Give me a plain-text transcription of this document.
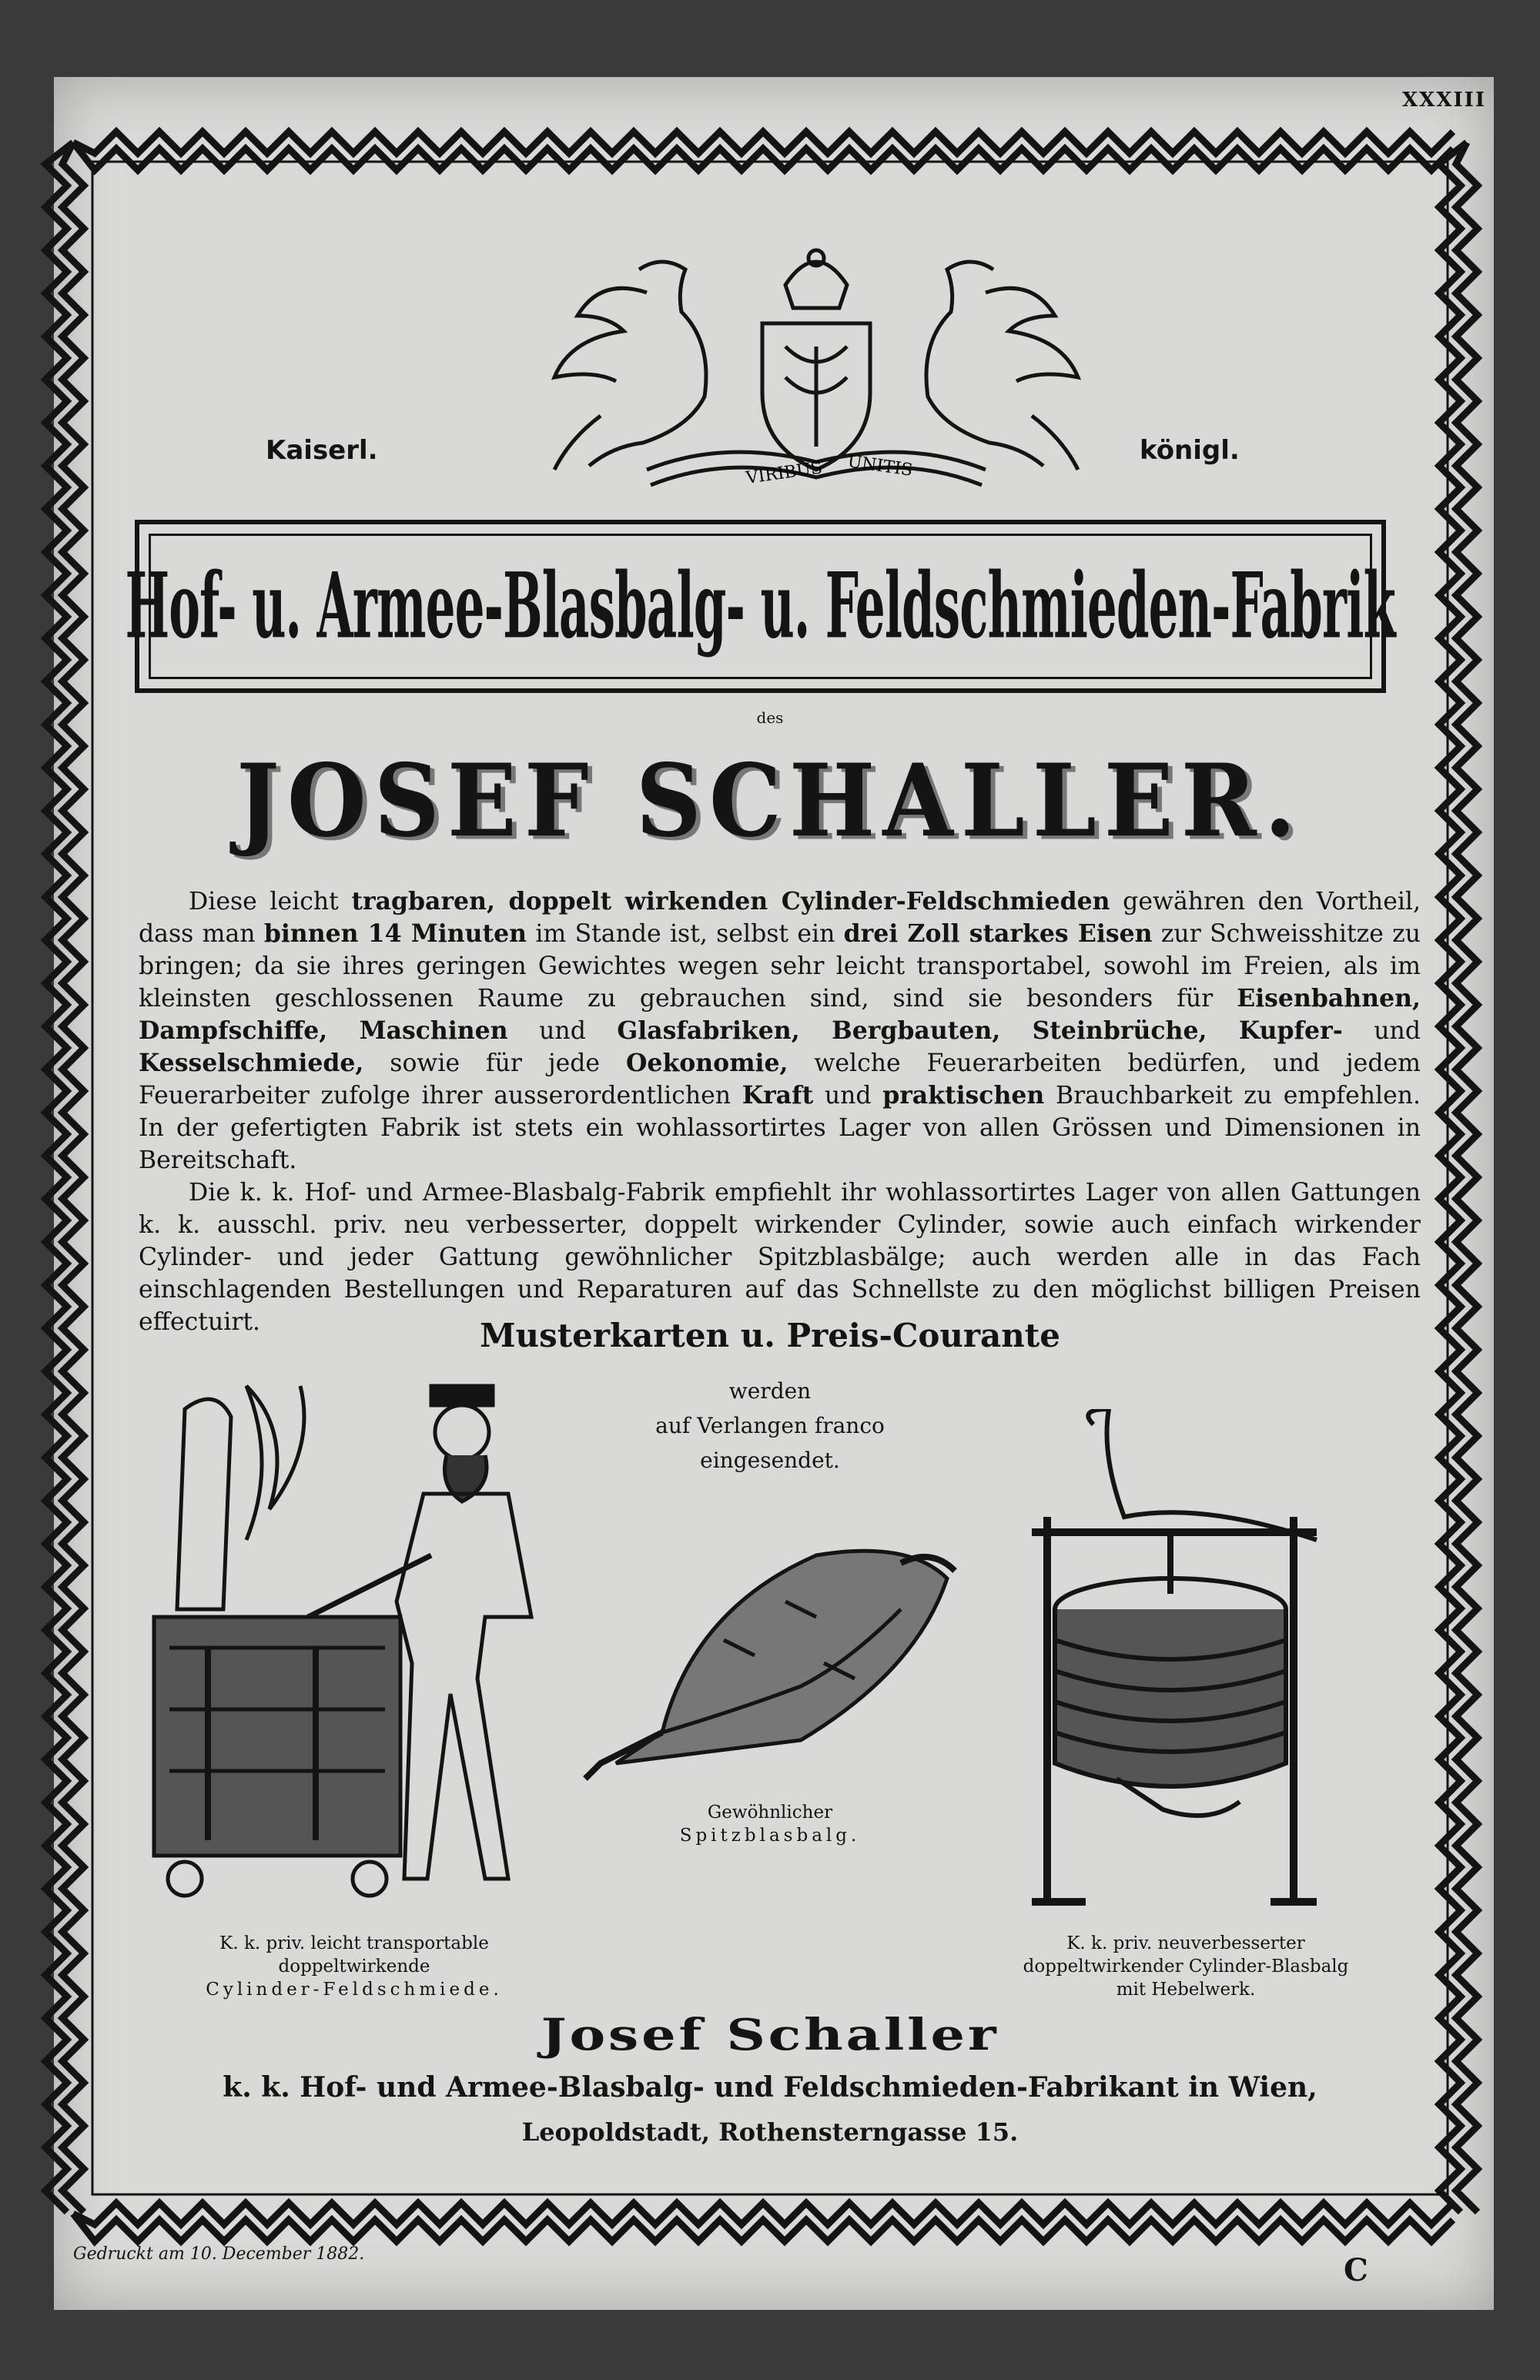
XXXIII
VIRIBUS UNITIS
Kaiserl.	königl.
Hof- u. Armee-Blasbalg- u. Feldschmieden-Fabrik
des
JOSEF SCHALLER.

Diese leicht tragbaren, doppelt wirkenden Cylinder-Feldschmieden gewähren den Vortheil, dass man binnen 14 Minuten im Stande ist, selbst ein drei Zoll starkes Eisen zur Schweisshitze zu bringen; da sie ihres geringen Gewichtes wegen sehr leicht transportabel, sowohl im Freien, als im kleinsten geschlossenen Raume zu gebrauchen sind, sind sie besonders für Eisenbahnen, Dampfschiffe, Maschinen und Glasfabriken, Bergbauten, Steinbrüche, Kupfer- und Kesselschmiede, sowie für jede Oekonomie, welche Feuerarbeiten bedürfen, und jedem Feuerarbeiter zufolge ihrer ausserordentlichen Kraft und praktischen Brauchbarkeit zu empfehlen. In der gefertigten Fabrik ist stets ein wohlassortirtes Lager von allen Grössen und Dimensionen in Bereitschaft.

Die k. k. Hof- und Armee-Blasbalg-Fabrik empfiehlt ihr wohlassortirtes Lager von allen Gattungen k. k. ausschl. priv. neu verbesserter, doppelt wirkender Cylinder, sowie auch einfach wirkender Cylinder- und jeder Gattung gewöhnlicher Spitzblasbälge; auch werden alle in das Fach einschlagenden Bestellungen und Reparaturen auf das Schnellste zu den möglichst billigen Preisen effectuirt.	Musterkarten u. Preis-Courante
werden
auf Verlangen franco
eingesendet.
K. k. priv. leicht transportable
doppeltwirkende
Cylinder-Feldschmiede.
Gewöhnlicher
Spitzblasbalg.
K. k. priv. neuverbesserter
doppeltwirkender Cylinder-Blasbalg
mit Hebelwerk.
Josef Schaller
k. k. Hof- und Armee-Blasbalg- und Feldschmieden-Fabrikant in Wien,
Leopoldstadt, Rothensterngasse 15.
Gedruckt am 10. December 1882.	C
